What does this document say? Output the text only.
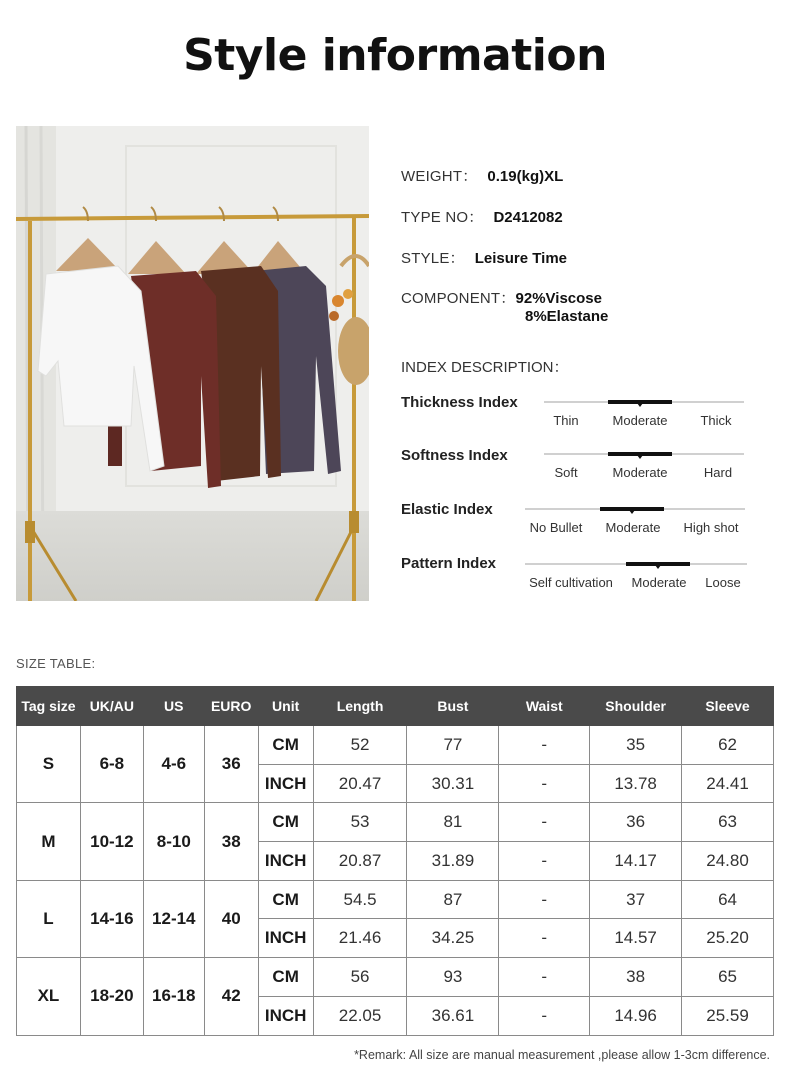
Style information
WEIGHT： 0.19(kg)XL
TYPE NO： D2412082
STYLE： Leisure Time
COMPONENT：92%Viscose
8%Elastane
INDEX DESCRIPTION：
Thickness Index
Thin	Moderate	Thick
Softness Index
Soft	Moderate	Hard
Elastic Index
No Bullet Moderate High shot
Pattern Index
Self cultivation Moderate Loose
SIZE TABLE:
Tag size	UK/AU	US	EURO	Unit	Length	Bust	Waist	Shoulder	Sleeve
S	6-8	4-6	36	CM	52	77	-	35	62
				INCH	20.47	30.31	-	13.78	24.41
M	10-12	8-10	38	CM	53	81	-	36	63
				INCH	20.87	31.89	-	14.17	24.80
L	14-16	12-14	40	CM	54.5	87	-	37	64
				INCH	21.46	34.25	-	14.57	25.20
XL	18-20	16-18	42	CM	56	93	-	38	65
				INCH	22.05	36.61	-	14.96	25.59
*Remark: All size are manual measurement ,please allow 1-3cm difference.
